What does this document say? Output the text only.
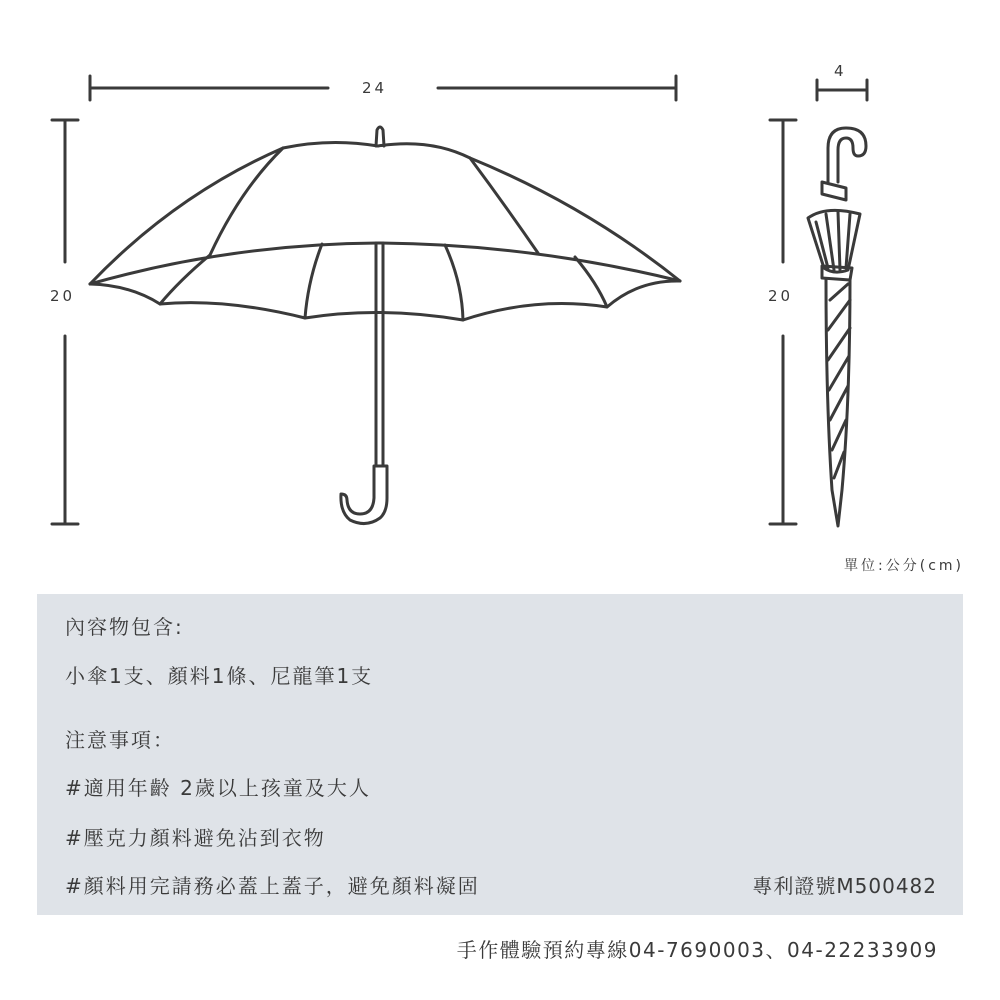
24
20	20
4
單位:公分(cm)
內容物包含:
小傘1支、顏料1條、尼龍筆1支
注意事項：
#適用年齡 2歲以上孩童及大人
#壓克力顏料避免沾到衣物
#顏料用完請務必蓋上蓋子，避免顏料凝固	專利證號M500482
手作體驗預約專線04-7690003、04-22233909
